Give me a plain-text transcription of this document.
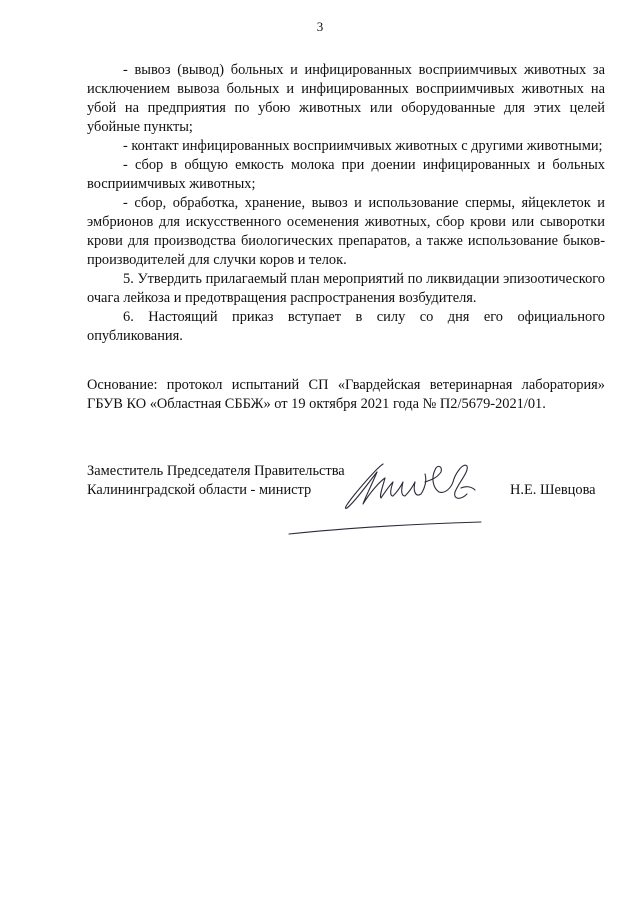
3

- вывоз (вывод) больных и инфицированных восприимчивых животных за исключением вывоза больных и инфицированных восприимчивых животных на убой на предприятия по убою животных или оборудованные для этих целей убойные пункты;

- контакт инфицированных восприимчивых животных с другими животными;

- сбор в общую емкость молока при доении инфицированных и больных восприимчивых животных;

- сбор, обработка, хранение, вывоз и использование спермы, яйцеклеток и эмбрионов для искусственного осеменения животных, сбор крови или сыворотки крови для производства биологических препаратов, а также использование быков-производителей для случки коров и телок.

5. Утвердить прилагаемый план мероприятий по ликвидации эпизоотического очага лейкоза и предотвращения распространения возбудителя.

6. Настоящий приказ вступает в силу со дня его официального опубликования.

Основание: протокол испытаний СП «Гвардейская ветеринарная лаборатория» ГБУВ КО «Областная СББЖ» от 19 октября 2021 года № П2/5679-2021/01.

Заместитель Председателя Правительства
Калининградской области - министр	Н.Е. Шевцова
